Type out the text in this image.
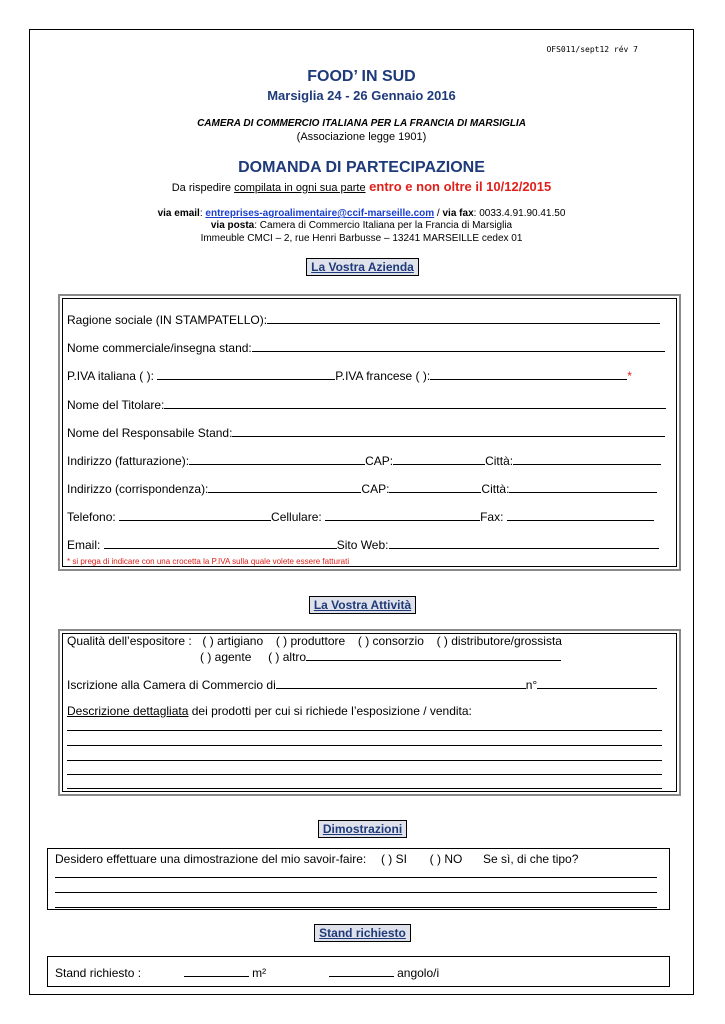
OFS011/sept12 rév 7
FOOD’ IN SUD
Marsiglia 24 - 26 Gennaio 2016
CAMERA DI COMMERCIO ITALIANA PER LA FRANCIA DI MARSIGLIA
(Associazione legge 1901)
DOMANDA DI PARTECIPAZIONE
Da rispedire compilata in ogni sua parte entro e non oltre il 10/12/2015
via email: entreprises-agroalimentaire@ccif-marseille.com / via fax: 0033.4.91.90.41.50
via posta: Camera di Commercio Italiana per la Francia di Marsiglia
Immeuble CMCI – 2, rue Henri Barbusse – 13241 MARSEILLE cedex 01
La Vostra Azienda
Ragione sociale (IN STAMPATELLO):
Nome commerciale/insegna stand:
P.IVA italiana ( ):	P.IVA francese ( ):	*
Nome del Titolare:
Nome del Responsabile Stand:
Indirizzo (fatturazione):	CAP:	Città:
Indirizzo (corrispondenza):	CAP:	Città:
Telefono:	Cellulare:	Fax:
Email:	Sito Web:
* si prega di indicare con una crocetta la P.IVA sulla quale volete essere fatturati
La Vostra Attività
Qualità dell’espositore : ( ) artigiano ( ) produttore ( ) consorzio ( ) distributore/grossista
( ) agente ( ) altro
Iscrizione alla Camera di Commercio di	n°
Descrizione dettagliata dei prodotti per cui si richiede l’esposizione / vendita:
Dimostrazioni
Desidero effettuare una dimostrazione del mio savoir-faire: ( ) SI ( ) NO Se sì, di che tipo?
Stand richiesto
Stand richiesto :	m²	angolo/i
